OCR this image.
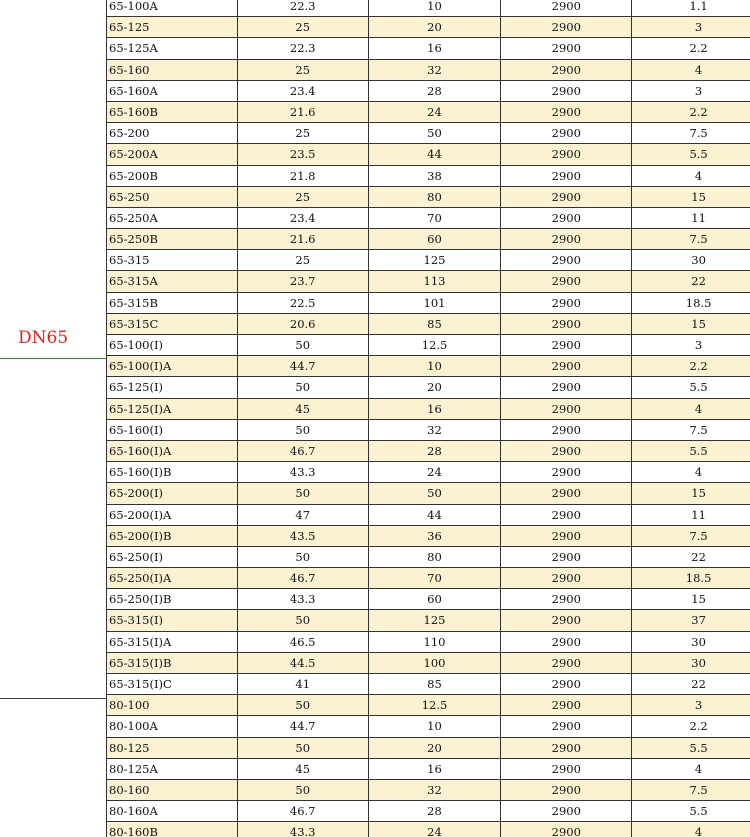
DN65
65-100A	22.3	10	2900	1.1
65-125	25	20	2900	3
65-125A	22.3	16	2900	2.2
65-160	25	32	2900	4
65-160A	23.4	28	2900	3
65-160B	21.6	24	2900	2.2
65-200	25	50	2900	7.5
65-200A	23.5	44	2900	5.5
65-200B	21.8	38	2900	4
65-250	25	80	2900	15
65-250A	23.4	70	2900	11
65-250B	21.6	60	2900	7.5
65-315	25	125	2900	30
65-315A	23.7	113	2900	22
65-315B	22.5	101	2900	18.5
65-315C	20.6	85	2900	15
65-100(I)	50	12.5	2900	3
65-100(I)A	44.7	10	2900	2.2
65-125(I)	50	20	2900	5.5
65-125(I)A	45	16	2900	4
65-160(I)	50	32	2900	7.5
65-160(I)A	46.7	28	2900	5.5
65-160(I)B	43.3	24	2900	4
65-200(I)	50	50	2900	15
65-200(I)A	47	44	2900	11
65-200(I)B	43.5	36	2900	7.5
65-250(I)	50	80	2900	22
65-250(I)A	46.7	70	2900	18.5
65-250(I)B	43.3	60	2900	15
65-315(I)	50	125	2900	37
65-315(I)A	46.5	110	2900	30
65-315(I)B	44.5	100	2900	30
65-315(I)C	41	85	2900	22
80-100	50	12.5	2900	3
80-100A	44.7	10	2900	2.2
80-125	50	20	2900	5.5
80-125A	45	16	2900	4
80-160	50	32	2900	7.5
80-160A	46.7	28	2900	5.5
80-160B	43.3	24	2900	4
